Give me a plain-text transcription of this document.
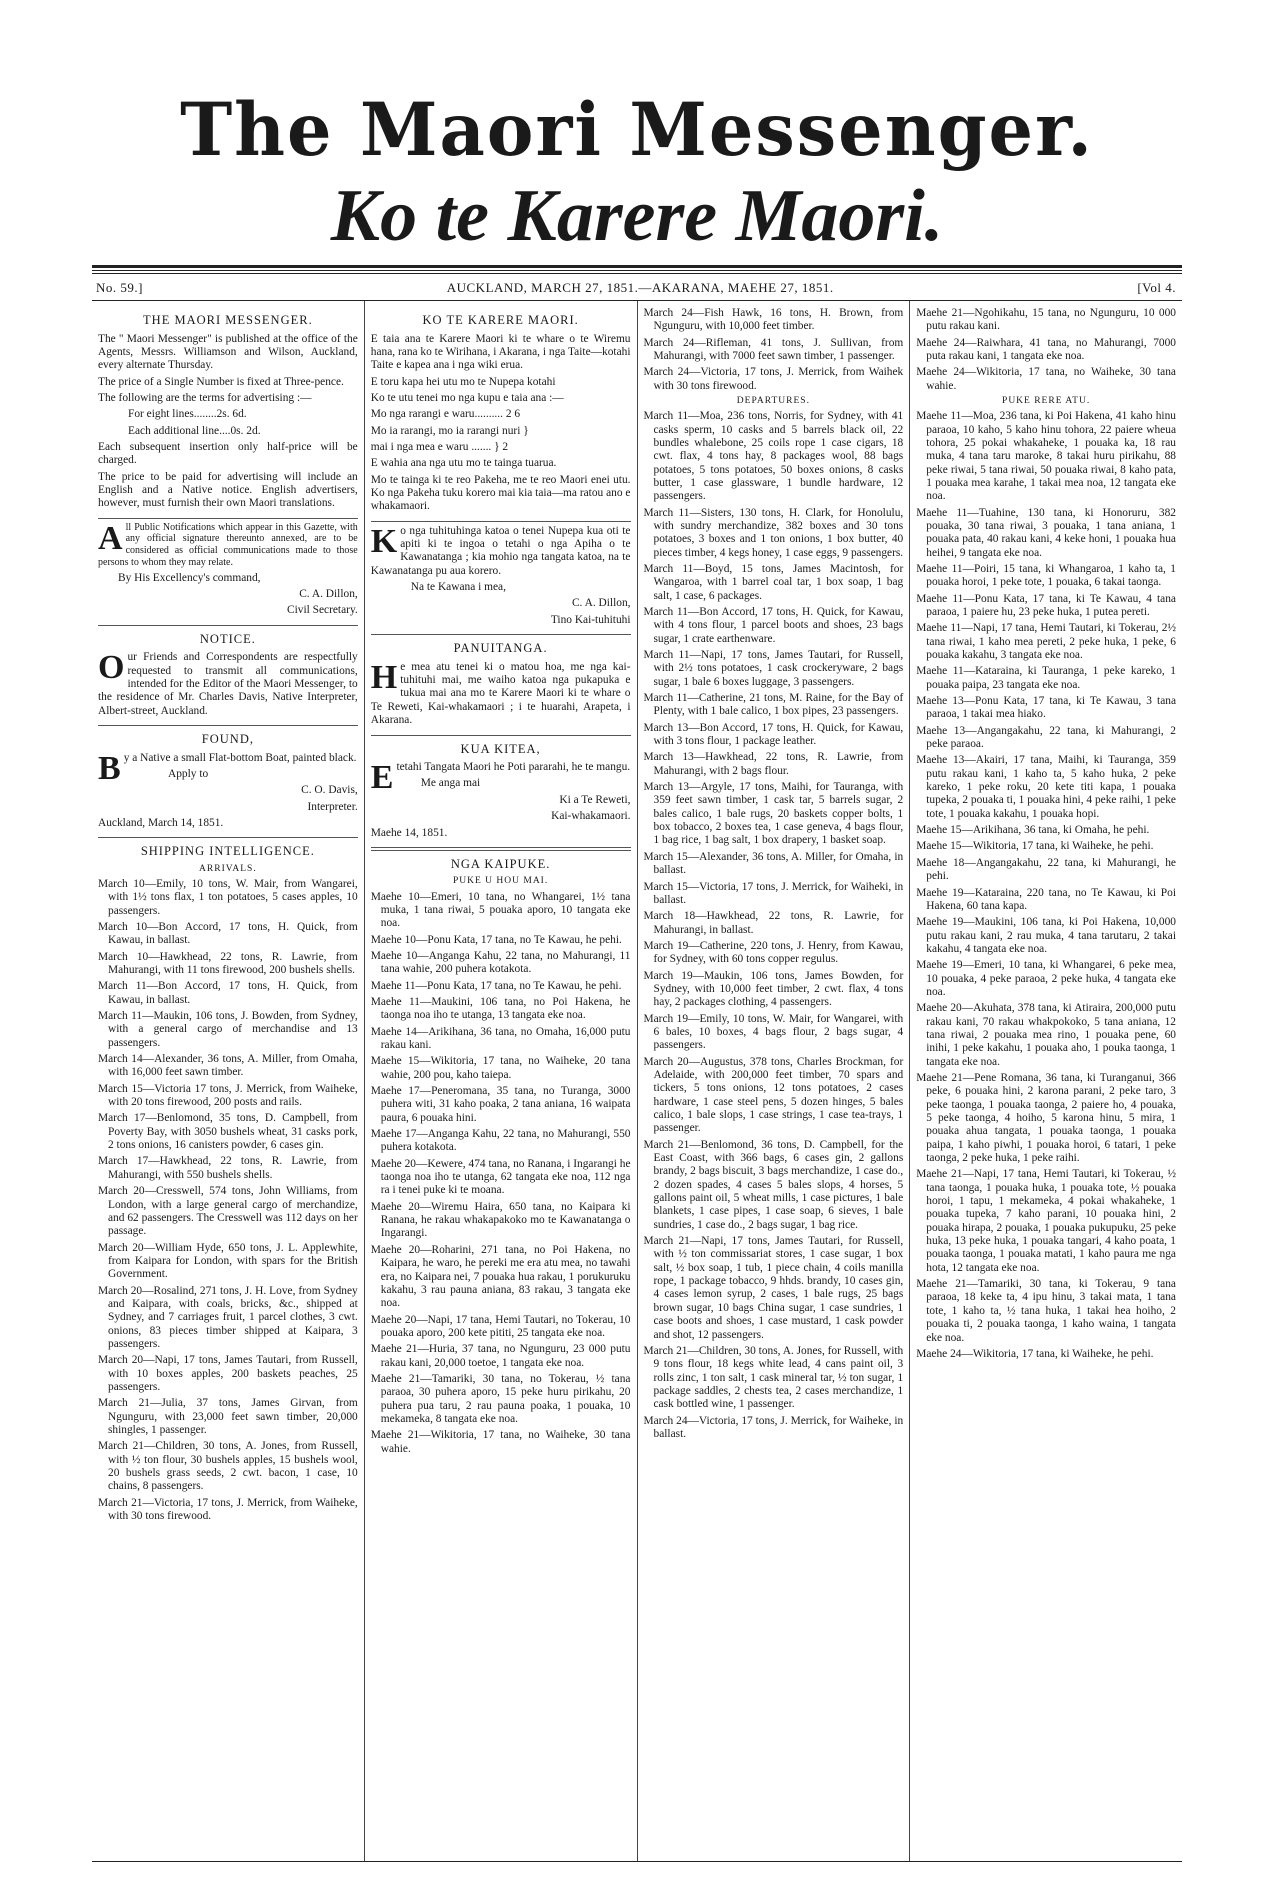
The Maori Messenger.
Ko te Karere Maori.
No. 59.]	AUCKLAND, MARCH 27, 1851.—AKARANA, MAEHE 27, 1851.	[Vol 4.
THE MAORI MESSENGER.

The " Maori Messenger" is published at the office of the Agents, Messrs. Williamson and Wilson, Auckland, every alternate Thursday.

The price of a Single Number is fixed at Three-pence.

The following are the terms for advertising :—

For eight lines........2s. 6d.

Each additional line....0s. 2d.

Each subsequent insertion only half-price will be charged.

The price to be paid for advertising will include an English and a Native notice. English advertisers, however, must furnish their own Maori translations.

All Public Notifications which appear in this Gazette, with any official signature thereunto annexed, are to be considered as official communications made to those persons to whom they may relate.

By His Excellency's command,

C. A. Dillon,

Civil Secretary.

NOTICE.

Our Friends and Correspondents are respectfully requested to transmit all communications, intended for the Editor of the Maori Messenger, to the residence of Mr. Charles Davis, Native Interpreter, Albert-street, Auckland.

FOUND,

By a Native a small Flat-bottom Boat, painted black.

Apply to

C. O. Davis,

Interpreter.

Auckland, March 14, 1851.

SHIPPING INTELLIGENCE.
ARRIVALS.

March 10—Emily, 10 tons, W. Mair, from Wangarei, with 1½ tons flax, 1 ton potatoes, 5 cases apples, 10 passengers.

March 10—Bon Accord, 17 tons, H. Quick, from Kawau, in ballast.

March 10—Hawkhead, 22 tons, R. Lawrie, from Mahurangi, with 11 tons firewood, 200 bushels shells.

March 11—Bon Accord, 17 tons, H. Quick, from Kawau, in ballast.

March 11—Maukin, 106 tons, J. Bowden, from Sydney, with a general cargo of merchandise and 13 passengers.

March 14—Alexander, 36 tons, A. Miller, from Omaha, with 16,000 feet sawn timber.

March 15—Victoria 17 tons, J. Merrick, from Waiheke, with 20 tons firewood, 200 posts and rails.

March 17—Benlomond, 35 tons, D. Campbell, from Poverty Bay, with 3050 bushels wheat, 31 casks pork, 2 tons onions, 16 canisters powder, 6 cases gin.

March 17—Hawkhead, 22 tons, R. Lawrie, from Mahurangi, with 550 bushels shells.

March 20—Cresswell, 574 tons, John Williams, from London, with a large general cargo of merchandize, and 62 passengers. The Cresswell was 112 days on her passage.

March 20—William Hyde, 650 tons, J. L. Applewhite, from Kaipara for London, with spars for the British Government.

March 20—Rosalind, 271 tons, J. H. Love, from Sydney and Kaipara, with coals, bricks, &c., shipped at Sydney, and 7 carriages fruit, 1 parcel clothes, 3 cwt. onions, 83 pieces timber shipped at Kaipara, 3 passengers.

March 20—Napi, 17 tons, James Tautari, from Russell, with 10 boxes apples, 200 baskets peaches, 25 passengers.

March 21—Julia, 37 tons, James Girvan, from Ngunguru, with 23,000 feet sawn timber, 20,000 shingles, 1 passenger.

March 21—Children, 30 tons, A. Jones, from Russell, with ½ ton flour, 30 bushels apples, 15 bushels wool, 20 bushels grass seeds, 2 cwt. bacon, 1 case, 10 chains, 8 passengers.

March 21—Victoria, 17 tons, J. Merrick, from Waiheke, with 30 tons firewood.

KO TE KARERE MAORI.

E taia ana te Karere Maori ki te whare o te Wiremu hana, rana ko te Wirihana, i Akarana, i nga Taite—kotahi Taite e kapea ana i nga wiki erua.

E toru kapa hei utu mo te Nupepa kotahi

Ko te utu tenei mo nga kupu e taia ana :—

Mo nga rarangi e waru.......... 2 6

Mo ia rarangi, mo ia rarangi nuri }

mai i nga mea e waru ....... } 2

E wahia ana nga utu mo te tainga tuarua.

Mo te tainga ki te reo Pakeha, me te reo Maori enei utu. Ko nga Pakeha tuku korero mai kia taia—ma ratou ano e whakamaori.

Ko nga tuhituhinga katoa o tenei Nupepa kua oti te apiti ki te ingoa o tetahi o nga Apiha o te Kawanatanga ; kia mohio nga tangata katoa, na te Kawanatanga pu aua korero.

Na te Kawana i mea,

C. A. Dillon,

Tino Kai-tuhituhi

PANUITANGA.

He mea atu tenei ki o matou hoa, me nga kai-tuhituhi mai, me waiho katoa nga pukapuka e tukua mai ana mo te Karere Maori ki te whare o Te Reweti, Kai-whakamaori ; i te huarahi, Arapeta, i Akarana.

KUA KITEA,

Etetahi Tangata Maori he Poti pararahi, he te mangu.

Me anga mai

Ki a Te Reweti,

Kai-whakamaori.

Maehe 14, 1851.

NGA KAIPUKE.
PUKE U HOU MAI.

Maehe 10—Emeri, 10 tana, no Whangarei, 1½ tana muka, 1 tana riwai, 5 pouaka aporo, 10 tangata eke noa.

Maehe 10—Ponu Kata, 17 tana, no Te Kawau, he pehi.

Maehe 10—Anganga Kahu, 22 tana, no Mahurangi, 11 tana wahie, 200 puhera kotakota.

Maehe 11—Ponu Kata, 17 tana, no Te Kawau, he pehi.

Maehe 11—Maukini, 106 tana, no Poi Hakena, he taonga noa iho te utanga, 13 tangata eke noa.

Maehe 14—Arikihana, 36 tana, no Omaha, 16,000 putu rakau kani.

Maehe 15—Wikitoria, 17 tana, no Waiheke, 20 tana wahie, 200 pou, kaho taiepa.

Maehe 17—Peneromana, 35 tana, no Turanga, 3000 puhera witi, 31 kaho poaka, 2 tana aniana, 16 waipata paura, 6 pouaka hini.

Maehe 17—Anganga Kahu, 22 tana, no Mahurangi, 550 puhera kotakota.

Maehe 20—Kewere, 474 tana, no Ranana, i Ingarangi he taonga noa iho te utanga, 62 tangata eke noa, 112 nga ra i tenei puke ki te moana.

Maehe 20—Wiremu Haira, 650 tana, no Kaipara ki Ranana, he rakau whakapakoko mo te Kawanatanga o Ingarangi.

Maehe 20—Roharini, 271 tana, no Poi Hakena, no Kaipara, he waro, he pereki me era atu mea, no tawahi era, no Kaipara nei, 7 pouaka hua rakau, 1 porukuruku kakahu, 3 rau pauna aniana, 83 rakau, 3 tangata eke noa.

Maehe 20—Napi, 17 tana, Hemi Tautari, no Tokerau, 10 pouaka aporo, 200 kete pititi, 25 tangata eke noa.

Maehe 21—Huria, 37 tana, no Ngunguru, 23 000 putu rakau kani, 20,000 toetoe, 1 tangata eke noa.

Maehe 21—Tamariki, 30 tana, no Tokerau, ½ tana paraoa, 30 puhera aporo, 15 peke huru pirikahu, 20 puhera pua taru, 2 rau pauna poaka, 1 pouaka, 10 mekameka, 8 tangata eke noa.

Maehe 21—Wikitoria, 17 tana, no Waiheke, 30 tana wahie.

March 24—Fish Hawk, 16 tons, H. Brown, from Ngunguru, with 10,000 feet timber.

March 24—Rifleman, 41 tons, J. Sullivan, from Mahurangi, with 7000 feet sawn timber, 1 passenger.

March 24—Victoria, 17 tons, J. Merrick, from Waihek with 30 tons firewood.

DEPARTURES.

March 11—Moa, 236 tons, Norris, for Sydney, with 41 casks sperm, 10 casks and 5 barrels black oil, 22 bundles whalebone, 25 coils rope 1 case cigars, 18 cwt. flax, 4 tons hay, 8 packages wool, 88 bags potatoes, 5 tons potatoes, 50 boxes onions, 8 casks butter, 1 case glassware, 1 bundle hardware, 12 passengers.

March 11—Sisters, 130 tons, H. Clark, for Honolulu, with sundry merchandize, 382 boxes and 30 tons potatoes, 3 boxes and 1 ton onions, 1 box butter, 40 pieces timber, 4 kegs honey, 1 case eggs, 9 passengers.

March 11—Boyd, 15 tons, James Macintosh, for Wangaroa, with 1 barrel coal tar, 1 box soap, 1 bag salt, 1 case, 6 packages.

March 11—Bon Accord, 17 tons, H. Quick, for Kawau, with 4 tons flour, 1 parcel boots and shoes, 23 bags sugar, 1 crate earthenware.

March 11—Napi, 17 tons, James Tautari, for Russell, with 2½ tons potatoes, 1 cask crockeryware, 2 bags sugar, 1 bale 6 boxes luggage, 3 passengers.

March 11—Catherine, 21 tons, M. Raine, for the Bay of Plenty, with 1 bale calico, 1 box pipes, 23 passengers.

March 13—Bon Accord, 17 tons, H. Quick, for Kawau, with 3 tons flour, 1 package leather.

March 13—Hawkhead, 22 tons, R. Lawrie, from Mahurangi, with 2 bags flour.

March 13—Argyle, 17 tons, Maihi, for Tauranga, with 359 feet sawn timber, 1 cask tar, 5 barrels sugar, 2 bales calico, 1 bale rugs, 20 baskets copper bolts, 1 box tobacco, 2 boxes tea, 1 case geneva, 4 bags flour, 1 bag rice, 1 bag salt, 1 box drapery, 1 basket soap.

March 15—Alexander, 36 tons, A. Miller, for Omaha, in ballast.

March 15—Victoria, 17 tons, J. Merrick, for Waiheki, in ballast.

March 18—Hawkhead, 22 tons, R. Lawrie, for Mahurangi, in ballast.

March 19—Catherine, 220 tons, J. Henry, from Kawau, for Sydney, with 60 tons copper regulus.

March 19—Maukin, 106 tons, James Bowden, for Sydney, with 10,000 feet timber, 2 cwt. flax, 4 tons hay, 2 packages clothing, 4 passengers.

March 19—Emily, 10 tons, W. Mair, for Wangarei, with 6 bales, 10 boxes, 4 bags flour, 2 bags sugar, 4 passengers.

March 20—Augustus, 378 tons, Charles Brockman, for Adelaide, with 200,000 feet timber, 70 spars and tickers, 5 tons onions, 12 tons potatoes, 2 cases hardware, 1 case steel pens, 5 dozen hinges, 5 bales calico, 1 bale slops, 1 case strings, 1 case tea-trays, 1 passenger.

March 21—Benlomond, 36 tons, D. Campbell, for the East Coast, with 366 bags, 6 cases gin, 2 gallons brandy, 2 bags biscuit, 3 bags merchandize, 1 case do., 2 dozen spades, 4 cases 5 bales slops, 4 horses, 5 gallons paint oil, 5 wheat mills, 1 case pictures, 1 bale blankets, 1 case pipes, 1 case soap, 6 sieves, 1 bale sundries, 1 case do., 2 bags sugar, 1 bag rice.

March 21—Napi, 17 tons, James Tautari, for Russell, with ½ ton commissariat stores, 1 case sugar, 1 box salt, ½ box soap, 1 tub, 1 piece chain, 4 coils manilla rope, 1 package tobacco, 9 hhds. brandy, 10 cases gin, 4 cases lemon syrup, 2 cases, 1 bale rugs, 25 bags brown sugar, 10 bags China sugar, 1 case sundries, 1 case boots and shoes, 1 case mustard, 1 cask powder and shot, 12 passengers.

March 21—Children, 30 tons, A. Jones, for Russell, with 9 tons flour, 18 kegs white lead, 4 cans paint oil, 3 rolls zinc, 1 ton salt, 1 cask mineral tar, ½ ton sugar, 1 package saddles, 2 chests tea, 2 cases merchandize, 1 cask bottled wine, 1 passenger.

March 24—Victoria, 17 tons, J. Merrick, for Waiheke, in ballast.

Maehe 21—Ngohikahu, 15 tana, no Ngunguru, 10 000 putu rakau kani.

Maehe 24—Raiwhara, 41 tana, no Mahurangi, 7000 puta rakau kani, 1 tangata eke noa.

Maehe 24—Wikitoria, 17 tana, no Waiheke, 30 tana wahie.

PUKE RERE ATU.

Maehe 11—Moa, 236 tana, ki Poi Hakena, 41 kaho hinu paraoa, 10 kaho, 5 kaho hinu tohora, 22 paiere wheua tohora, 25 pokai whakaheke, 1 pouaka ka, 18 rau muka, 4 tana taru maroke, 8 takai huru pirikahu, 88 peke riwai, 5 tana riwai, 50 pouaka riwai, 8 kaho pata, 1 pouaka mea karahe, 1 takai mea noa, 12 tangata eke noa.

Maehe 11—Tuahine, 130 tana, ki Honoruru, 382 pouaka, 30 tana riwai, 3 pouaka, 1 tana aniana, 1 pouaka pata, 40 rakau kani, 4 keke honi, 1 pouaka hua heihei, 9 tangata eke noa.

Maehe 11—Poiri, 15 tana, ki Whangaroa, 1 kaho ta, 1 pouaka horoi, 1 peke tote, 1 pouaka, 6 takai taonga.

Maehe 11—Ponu Kata, 17 tana, ki Te Kawau, 4 tana paraoa, 1 paiere hu, 23 peke huka, 1 putea pereti.

Maehe 11—Napi, 17 tana, Hemi Tautari, ki Tokerau, 2½ tana riwai, 1 kaho mea pereti, 2 peke huka, 1 peke, 6 pouaka kakahu, 3 tangata eke noa.

Maehe 11—Kataraina, ki Tauranga, 1 peke kareko, 1 pouaka paipa, 23 tangata eke noa.

Maehe 13—Ponu Kata, 17 tana, ki Te Kawau, 3 tana paraoa, 1 takai mea hiako.

Maehe 13—Angangakahu, 22 tana, ki Mahurangi, 2 peke paraoa.

Maehe 13—Akairi, 17 tana, Maihi, ki Tauranga, 359 putu rakau kani, 1 kaho ta, 5 kaho huka, 2 peke kareko, 1 peke roku, 20 kete titi kapa, 1 pouaka tupeka, 2 pouaka ti, 1 pouaka hini, 4 peke raihi, 1 peke tote, 1 pouaka kakahu, 1 pouaka hopi.

Maehe 15—Arikihana, 36 tana, ki Omaha, he pehi.

Maehe 15—Wikitoria, 17 tana, ki Waiheke, he pehi.

Maehe 18—Angangakahu, 22 tana, ki Mahurangi, he pehi.

Maehe 19—Kataraina, 220 tana, no Te Kawau, ki Poi Hakena, 60 tana kapa.

Maehe 19—Maukini, 106 tana, ki Poi Hakena, 10,000 putu rakau kani, 2 rau muka, 4 tana tarutaru, 2 takai kakahu, 4 tangata eke noa.

Maehe 19—Emeri, 10 tana, ki Whangarei, 6 peke mea, 10 pouaka, 4 peke paraoa, 2 peke huka, 4 tangata eke noa.

Maehe 20—Akuhata, 378 tana, ki Atiraira, 200,000 putu rakau kani, 70 rakau whakpokoko, 5 tana aniana, 12 tana riwai, 2 pouaka mea rino, 1 pouaka pene, 60 inihi, 1 peke kakahu, 1 pouaka aho, 1 pouka taonga, 1 tangata eke noa.

Maehe 21—Pene Romana, 36 tana, ki Turanganui, 366 peke, 6 pouaka hini, 2 karona parani, 2 peke taro, 3 peke taonga, 1 pouaka taonga, 2 paiere ho, 4 pouaka, 5 peke taonga, 4 hoiho, 5 karona hinu, 5 mira, 1 pouaka ahua tangata, 1 pouaka taonga, 1 pouaka paipa, 1 kaho piwhi, 1 pouaka horoi, 6 tatari, 1 peke taonga, 2 peke huka, 1 peke raihi.

Maehe 21—Napi, 17 tana, Hemi Tautari, ki Tokerau, ½ tana taonga, 1 pouaka huka, 1 pouaka tote, ½ pouaka horoi, 1 tapu, 1 mekameka, 4 pokai whakaheke, 1 pouaka tupeka, 7 kaho parani, 10 pouaka hini, 2 pouaka hirapa, 2 pouaka, 1 pouaka pukupuku, 25 peke huka, 13 peke huka, 1 pouaka tangari, 4 kaho poata, 1 pouaka taonga, 1 pouaka matati, 1 kaho paura me nga hota, 12 tangata eke noa.

Maehe 21—Tamariki, 30 tana, ki Tokerau, 9 tana paraoa, 18 keke ta, 4 ipu hinu, 3 takai mata, 1 tana tote, 1 kaho ta, ½ tana huka, 1 takai hea hoiho, 2 pouaka ti, 2 pouaka taonga, 1 kaho waina, 1 tangata eke noa.

Maehe 24—Wikitoria, 17 tana, ki Waiheke, he pehi.
